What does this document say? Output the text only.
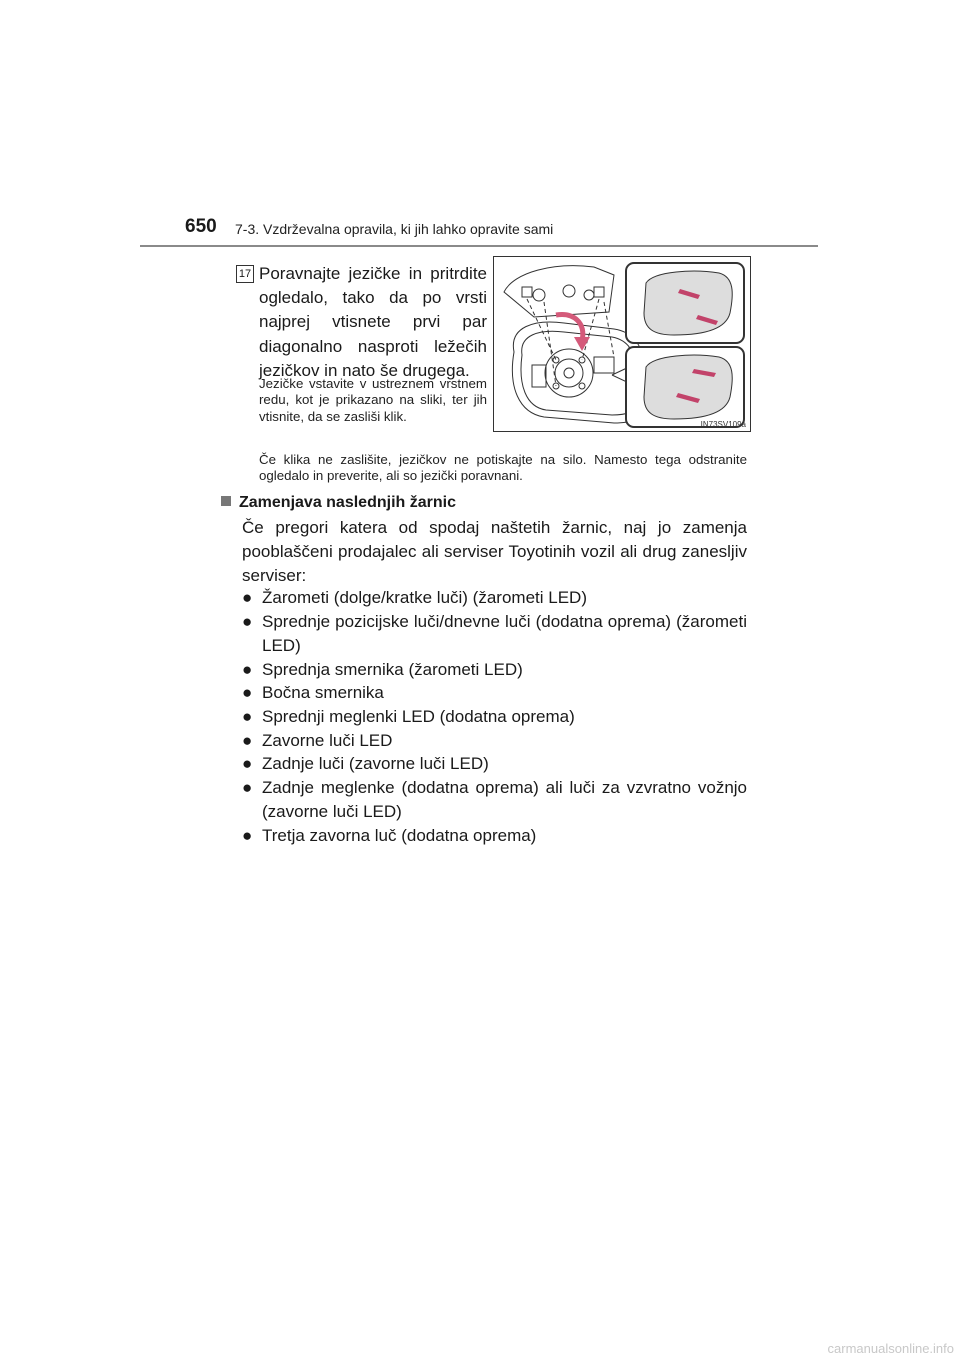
650 7-3. Vzdrževalna opravila, ki jih lahko opravite sami
17 Poravnajte jezičke in pritrdite ogledalo, tako da po vrsti najprej vtisnete prvi par diagonalno nasproti ležečih jezičkov in nato še drugega.
Jezičke vstavite v ustreznem vrstnem redu, kot je prikazano na sliki, ter jih vtisnite, da se zasliši klik.
Če klika ne zaslišite, jezičkov ne potiskajte na silo. Namesto tega odstranite ogledalo in preverite, ali so jezički poravnani.
IN73SV109a
Zamenjava naslednjih žarnic
Če pregori katera od spodaj naštetih žarnic, naj jo zamenja pooblaščeni prodajalec ali serviser Toyotinih vozil ali drug zanesljiv serviser:
● Žarometi (dolge/kratke luči) (žarometi LED)
● Sprednje pozicijske luči/dnevne luči (dodatna oprema) (žarometi LED)
● Sprednja smernika (žarometi LED)
● Bočna smernika
● Sprednji meglenki LED (dodatna oprema)
● Zavorne luči LED
● Zadnje luči (zavorne luči LED)
● Zadnje meglenke (dodatna oprema) ali luči za vzvratno vožnjo (zavorne luči LED)
● Tretja zavorna luč (dodatna oprema)
carmanualsonline.info
